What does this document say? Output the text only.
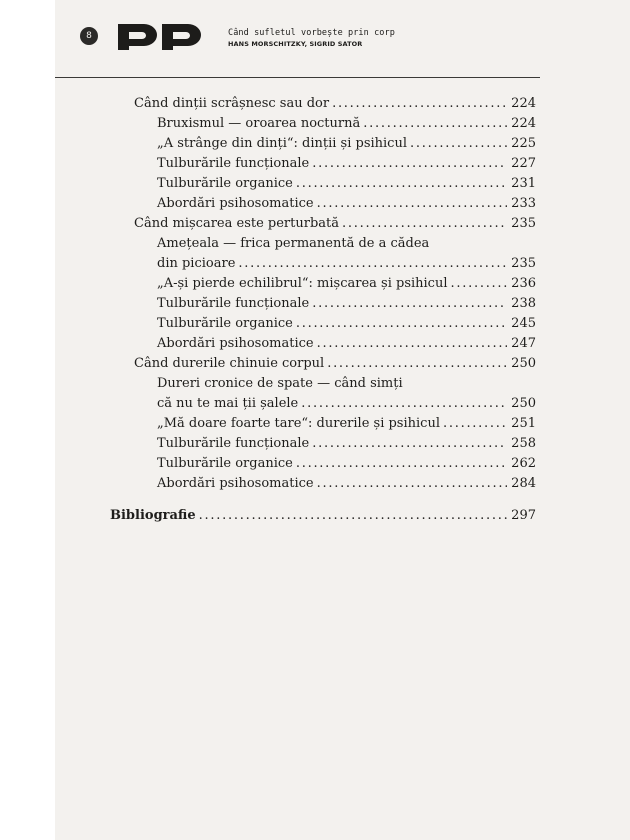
8	Când sufletul vorbește prin corp
HANS MORSCHITZKY, SIGRID SATOR
Când dinții scrâșnesc sau dor . . .	224
Bruxismul — oroarea nocturnă . . .	224
„A strânge din dinți“: dinții și psihicul . . .	225
Tulburările funcționale . . .	227
Tulburările organice . . .	231
Abordări psihosomatice . . .	233
Când mișcarea este perturbată . . .	235
Amețeala — frica permanentă de a cădea
din picioare . . .	235
„A-și pierde echilibrul“: mișcarea și psihicul . . .	236
Tulburările funcționale . . .	238
Tulburările organice . . .	245
Abordări psihosomatice . . .	247
Când durerile chinuie corpul . . .	250
Dureri cronice de spate — când simți
că nu te mai ții șalele . . .	250
„Mă doare foarte tare“: durerile și psihicul . . .	251
Tulburările funcționale . . .	258
Tulburările organice . . .	262
Abordări psihosomatice . . .	284
Bibliografie . . .	297
